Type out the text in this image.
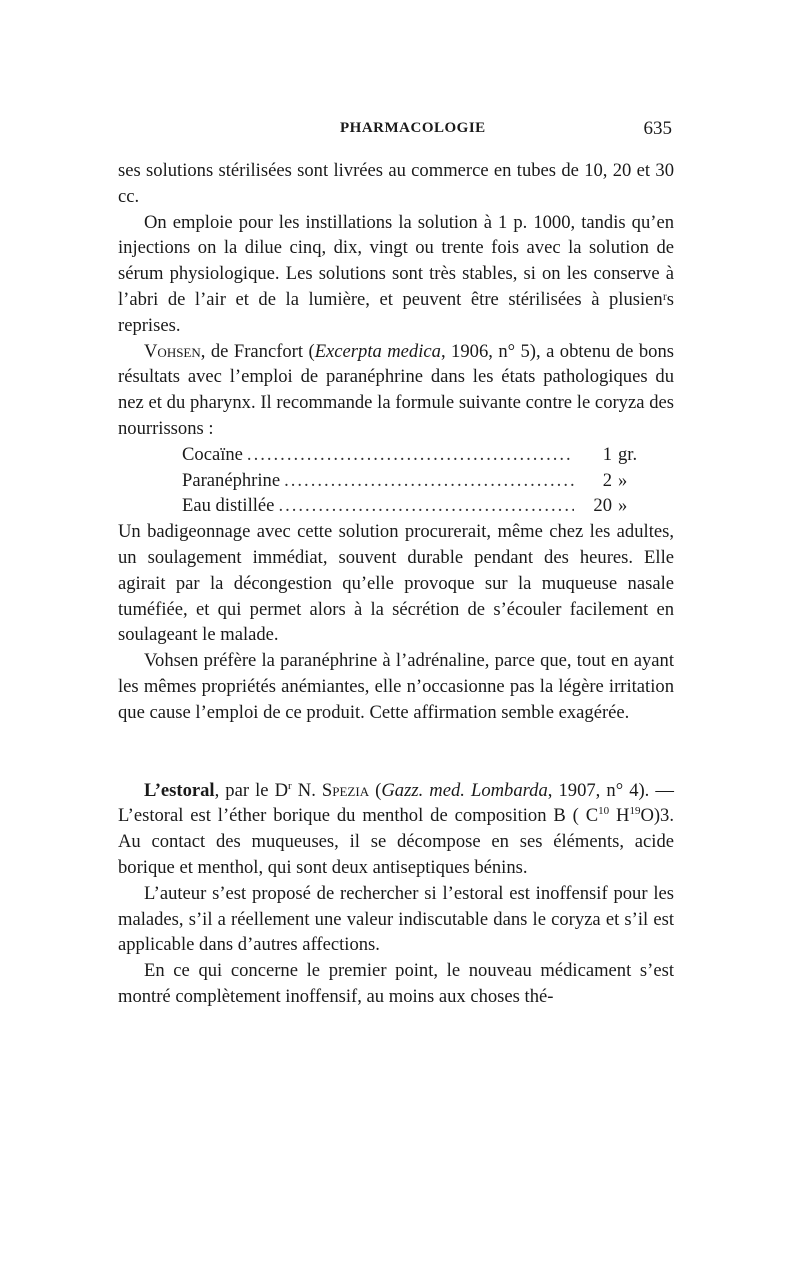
PHARMACOLOGIE	635

ses solutions stérilisées sont livrées au commerce en tubes de 10, 20 et 30 cc.

On emploie pour les instillations la solution à 1 p. 1000, tandis qu’en injections on la dilue cinq, dix, vingt ou trente fois avec la solution de sérum physiologique. Les solutions sont très stables, si on les conserve à l’abri de l’air et de la lumière, et peuvent être stérilisées à plusienʳs reprises.

Vohsen, de Francfort (Excerpta medica, 1906, n° 5), a obtenu de bons résultats avec l’emploi de paranéphrine dans les états pathologiques du nez et du pharynx. Il recommande la formule suivante contre le coryza des nourrissons :

Cocaïne .....	1 gr.
Paranéphrine .....	2 »
Eau distillée .....	20 »

Un badigeonnage avec cette solution procurerait, même chez les adultes, un soulagement immédiat, souvent durable pendant des heures. Elle agirait par la décongestion qu’elle provoque sur la muqueuse nasale tuméfiée, et qui permet alors à la sécrétion de s’écouler facilement en soulageant le malade.

Vohsen préfère la paranéphrine à l’adrénaline, parce que, tout en ayant les mêmes propriétés anémiantes, elle n’occasionne pas la légère irritation que cause l’emploi de ce produit. Cette affirmation semble exagérée.

L’estoral, par le $D^r$ N. Spezia (Gazz. med. Lombarda, 1907, n° 4). — L’estoral est l’éther borique du menthol de composition B ( $C^{10}$ $H^{19}O)3$. Au contact des muqueuses, il se décompose en ses éléments, acide borique et menthol, qui sont deux antiseptiques bénins.

L’auteur s’est proposé de rechercher si l’estoral est inoffensif pour les malades, s’il a réellement une valeur indiscutable dans le coryza et s’il est applicable dans d’autres affections.

En ce qui concerne le premier point, le nouveau médicament s’est montré complètement inoffensif, au moins aux choses thé-
